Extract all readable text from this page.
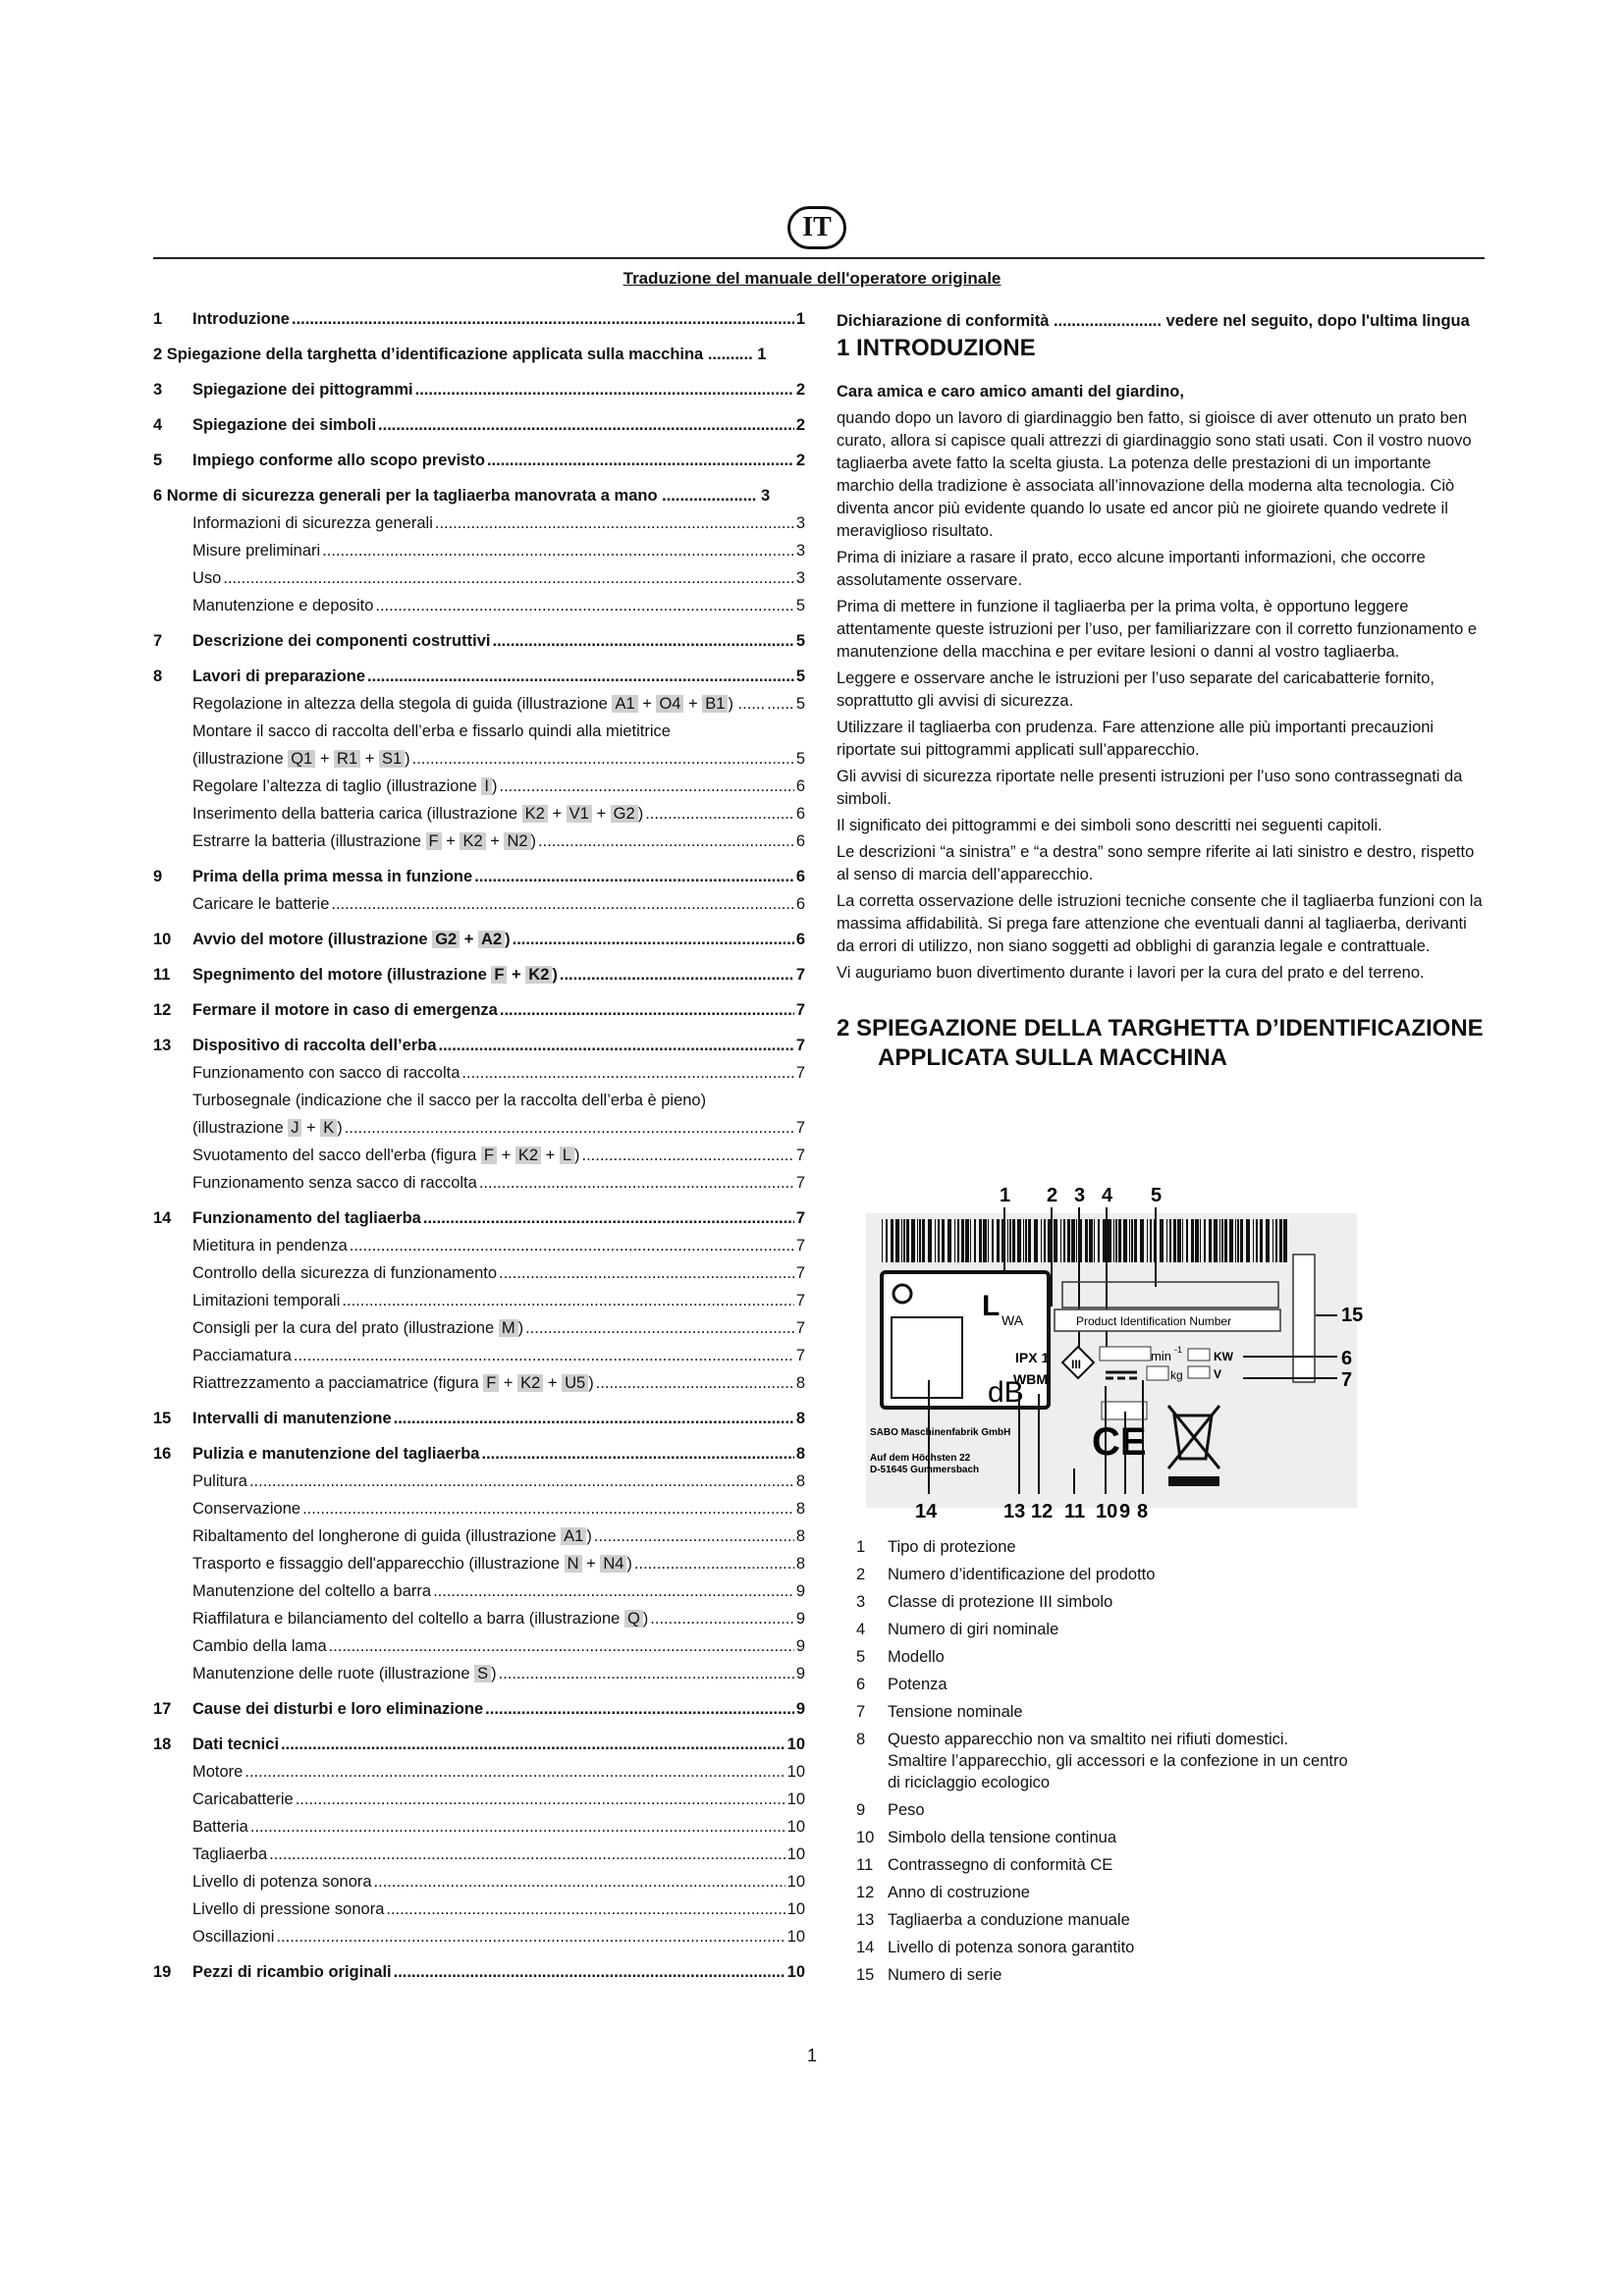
IT
Traduzione del manuale dell'operatore originale
1	Introduzione .....	1
2 Spiegazione della targhetta d’identificazione applicata sulla macchina .......... 1
3	Spiegazione dei pittogrammi .....	2
4	Spiegazione dei simboli .....	2
5	Impiego conforme allo scopo previsto .....	2
6 Norme di sicurezza generali per la tagliaerba manovrata a mano ..................... 3
Informazioni di sicurezza generali .....	3
Misure preliminari .....	3
Uso .....	3
Manutenzione e deposito .....	5
7	Descrizione dei componenti costruttivi .....	5
8	Lavori di preparazione .....	5
Regolazione in altezza della stegola di guida (illustrazione A1 + O4 + B1 ) ...... ..... 5
Montare il sacco di raccolta dell’erba e fissarlo quindi alla mietitrice
(illustrazione Q1 + R1 + S1 ) .....	5
Regolare l’altezza di taglio (illustrazione I ) .....	6
Inserimento della batteria carica (illustrazione K2 + V1 + G2 ) .....	6
Estrarre la batteria (illustrazione F + K2 + N2 ) .....	6
9	Prima della prima messa in funzione .....	6
Caricare le batterie .....	6
10	Avvio del motore (illustrazione G2 + A2 ) .....	6
11	Spegnimento del motore (illustrazione F + K2 ) .....	7
12	Fermare il motore in caso di emergenza .....	7
13	Dispositivo di raccolta dell’erba .....	7
Funzionamento con sacco di raccolta .....	7
Turbosegnale (indicazione che il sacco per la raccolta dell’erba è pieno)
(illustrazione J + K ) .....	7
Svuotamento del sacco dell'erba (figura F + K2 + L ) .....	7
Funzionamento senza sacco di raccolta .....	7
14	Funzionamento del tagliaerba .....	7
Mietitura in pendenza .....	7
Controllo della sicurezza di funzionamento .....	7
Limitazioni temporali .....	7
Consigli per la cura del prato (illustrazione M ) .....	7
Pacciamatura .....	7
Riattrezzamento a pacciamatrice (figura F + K2 + U5 ) .....	8
15	Intervalli di manutenzione .....	8
16	Pulizia e manutenzione del tagliaerba .....	8
Pulitura .....	8
Conservazione .....	8
Ribaltamento del longherone di guida (illustrazione A1 ) .....	8
Trasporto e fissaggio dell'apparecchio (illustrazione N + N4 ) .....	8
Manutenzione del coltello a barra .....	9
Riaffilatura e bilanciamento del coltello a barra (illustrazione Q ) .....	9
Cambio della lama .....	9
Manutenzione delle ruote (illustrazione S ) .....	9
17	Cause dei disturbi e loro eliminazione .....	9
18	Dati tecnici .....	10
Motore .....	10
Caricabatterie .....	10
Batteria .....	10
Tagliaerba .....	10
Livello di potenza sonora .....	10
Livello di pressione sonora .....	10
Oscillazioni .....	10
19	Pezzi di ricambio originali .....	10

Dichiarazione di conformità ........................ vedere nel seguito, dopo l'ultima lingua

1 INTRODUZIONE

Cara amica e caro amico amanti del giardino,

quando dopo un lavoro di giardinaggio ben fatto, si gioisce di aver ottenuto un prato ben curato, allora si capisce quali attrezzi di giardinaggio sono stati usati. Con il vostro nuovo tagliaerba avete fatto la scelta giusta. La potenza delle prestazioni di un importante marchio della tradizione è associata all’innovazione della moderna alta tecnologia. Ciò diventa ancor più evidente quando lo usate ed ancor più ne gioirete quando vedrete il meraviglioso risultato.

Prima di iniziare a rasare il prato, ecco alcune importanti informazioni, che occorre assolutamente osservare.

Prima di mettere in funzione il tagliaerba per la prima volta, è opportuno leggere attentamente queste istruzioni per l’uso, per familiarizzare con il corretto funzionamento e manutenzione della macchina e per evitare lesioni o danni al vostro tagliaerba.

Leggere e osservare anche le istruzioni per l’uso separate del caricabatterie fornito, soprattutto gli avvisi di sicurezza.

Utilizzare il tagliaerba con prudenza. Fare attenzione alle più importanti precauzioni riportate sui pittogrammi applicati sull’apparecchio.

Gli avvisi di sicurezza riportate nelle presenti istruzioni per l’uso sono contrassegnati da simboli.

Il significato dei pittogrammi e dei simboli sono descritti nei seguenti capitoli.

Le descrizioni “a sinistra” e “a destra” sono sempre riferite ai lati sinistro e destro, rispetto al senso di marcia dell’apparecchio.

La corretta osservazione delle istruzioni tecniche consente che il tagliaerba funzioni con la massima affidabilità. Si prega fare attenzione che eventuali danni al tagliaerba, derivanti da errori di utilizzo, non siano soggetti ad obblighi di garanzia legale e contrattuale.

Vi auguriamo buon divertimento durante i lavori per la cura del prato e del terreno.

2 SPIEGAZIONE DELLA TARGHETTA D’IDENTIFICAZIONE
APPLICATA SULLA MACCHINA
1 2 3 4 5
L WA
dB
Product Identification Number
IPX 1
WBM
III
min -1	KW
V
kg
15
6
7
CE
SABO Maschinenfabrik GmbH
Auf dem Höchsten 22
D-51645 Gummersbach
14	13 12 11 10 9 8
1	Tipo di protezione
2	Numero d’identificazione del prodotto
3	Classe di protezione III simbolo
4	Numero di giri nominale
5	Modello
6	Potenza
7	Tensione nominale
8	Questo apparecchio non va smaltito nei rifiuti domestici. Smaltire l’apparecchio, gli accessori e la confezione in un centro di riciclaggio ecologico
9	Peso
10 Simbolo della tensione continua
11 Contrassegno di conformità CE
12 Anno di costruzione
13 Tagliaerba a conduzione manuale
14 Livello di potenza sonora garantito
15 Numero di serie
1
